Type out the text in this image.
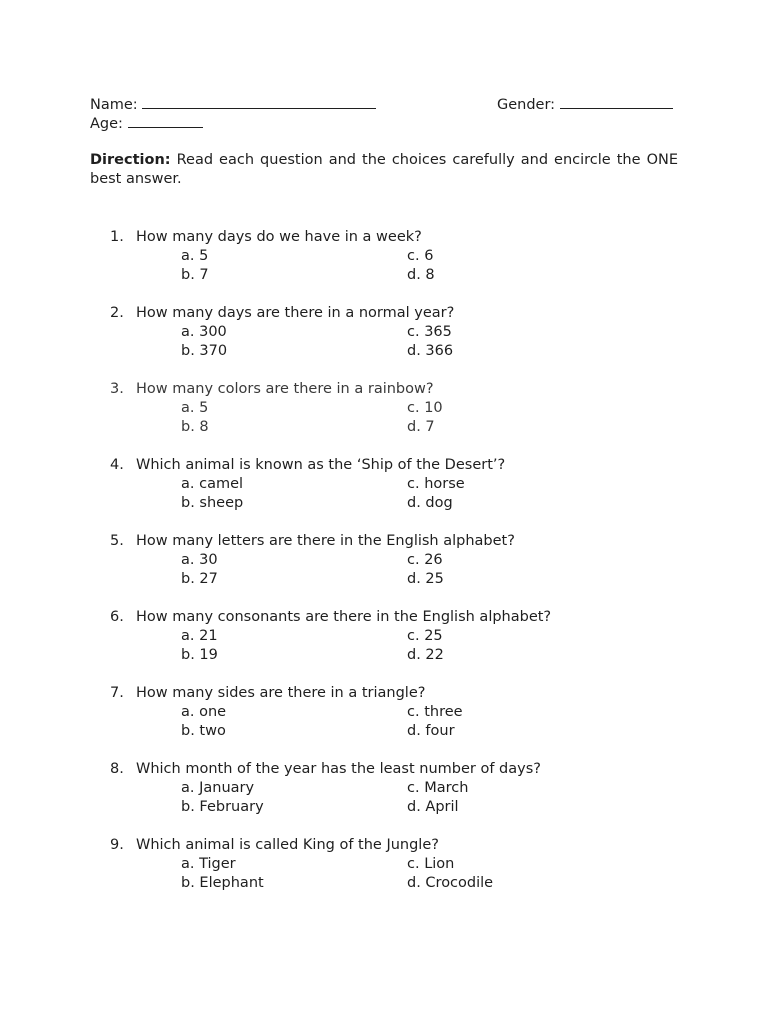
Name:	Gender:
Age:
Direction: Read each question and the choices carefully and encircle the ONE best answer.
1. How many days do we have in a week?
a. 5
b. 7
c. 6
d. 8
2. How many days are there in a normal year?
a. 300
b. 370
c. 365
d. 366
3. How many colors are there in a rainbow?
a. 5
b. 8
c. 10
d. 7
4. Which animal is known as the ‘Ship of the Desert’?
a. camel
b. sheep
c. horse
d. dog
5. How many letters are there in the English alphabet?
a. 30
b. 27
c. 26
d. 25
6. How many consonants are there in the English alphabet?
a. 21
b. 19
c. 25
d. 22
7. How many sides are there in a triangle?
a. one
b. two
c. three
d. four
8. Which month of the year has the least number of days?
a. January
b. February
c. March
d. April
9. Which animal is called King of the Jungle?
a. Tiger
b. Elephant
c. Lion
d. Crocodile
